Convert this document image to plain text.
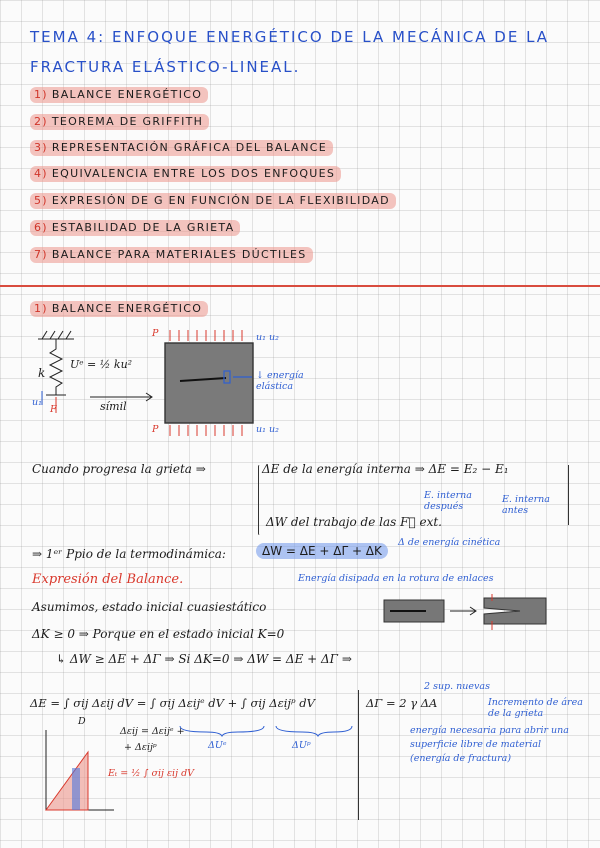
TEMA 4: ENFOQUE ENERGÉTICO DE LA MECÁNICA DE LA
FRACTURA ELÁSTICO-LINEAL.
1) BALANCE ENERGÉTICO
2) TEOREMA DE GRIFFITH
3) REPRESENTACIÓN GRÁFICA DEL BALANCE
4) EQUIVALENCIA ENTRE LOS DOS ENFOQUES
5) EXPRESIÓN DE G EN FUNCIÓN DE LA FLEXIBILIDAD
6) ESTABILIDAD DE LA GRIETA
7) BALANCE PARA MATERIALES DÚCTILES
1) BALANCE ENERGÉTICO
k
Uᵉ = ½ ku²
u₁
F	símil
P
P
u₁ u₂
u₁ u₂
↓ energía elástica
Cuando progresa la grieta ⇒	ΔE de la energía interna ⇒ ΔE = E₂ − E₁
E. interna después
E. interna antes
ΔW del trabajo de las F⃗ ext.
⇒ 1ᵉʳ Ppio de la termodinámica:	ΔW = ΔE + ΔΓ + ΔK
Δ de energía cinética
Energía disipada en la rotura de enlaces
Expresión del Balance.
Asumimos, estado inicial cuasiestático
ΔK ≥ 0 ⇒ Porque en el estado inicial K=0
↳ ΔW ≥ ΔE + ΔΓ ⇒ Si ΔK=0 ⇒ ΔW = ΔE + ΔΓ ⇒
ΔE = ∫ σij Δεij dV = ∫ σij Δεijᵉ dV + ∫ σij Δεijᵖ dV
D
Δεij = Δεijᵉ +
+ Δεijᵖ	ΔUᵉ	ΔUᵖ
Eₜ = ½ ∫ σij εij dV
ΔΓ = 2 γ ΔA
2 sup. nuevas
Incremento de área de la grieta
energía necesaria para abrir una superficie libre de material (energía de fractura)
